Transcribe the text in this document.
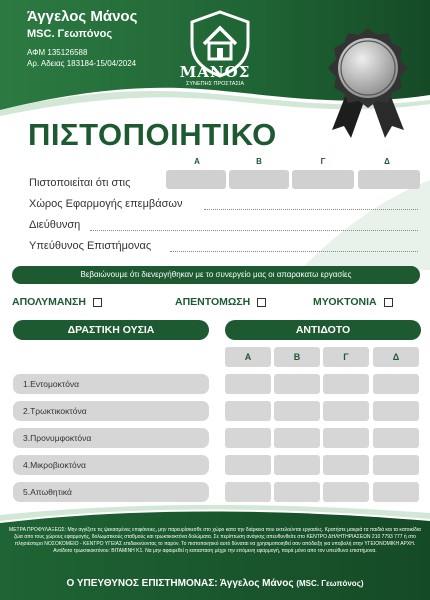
Άγγελος Μάνος
MSC. Γεωπόνος
ΑΦΜ 135126588
Αρ. Αδειας 183184-15/04/2024	ΜΑΝΟΣ
ΣΥΝΕΠΗΣ ΠΡΟΣΤΑΣΙΑ
ΠΙΣΤΟΠΟΙΗΤΙΚΟ
Α	Β	Γ	Δ
Πιστοποιείται ότι στις
Χώρος Εφαρμογής επεμβάσων
Διεύθυνση
Υπεύθυνος Επιστήμονας
Βεβαιώνουμε ότι διενεργήθηκαν με το συνεργείο μας οι απαρακατω εργασίες
ΑΠΟΛΥΜΑΝΣΗ	ΑΠΕΝΤΟΜΩΣΗ	ΜΥΟΚΤΟΝΙΑ
ΔΡΑΣΤΙΚΗ ΟΥΣΙΑ	ΑΝΤΙΔΟΤΟ
Α	Β	Γ	Δ
1.Εντομοκτόνα
2.Τρωκτικοκτόνα
3.Προνυμφοκτόνα
4.Μικροβιοκτόνα
5.Απωθητικά
ΜΕΤΡΑ ΠΡΟΦΥΛΑΞΕΩΣ: Μην αγγίζετε τις ψεκασμένες επιφάνειες, μην παρευρίσκεσθε στο χώρο κατα την διάρκεια που εκτελούνται εργασίες. Κρατήστε μακριά τα παιδιά και τα κατοικίδια ζώα απο τους χώρους εφαρμογής, δολωματικούς σταθμούς και τρωκτικοκτόνα δολώματα. Σε περίπτωση ανάγκης απευθυνθείτε στο ΚΕΝΤΡΟ ΔΗΛΗΤΗΡΙΑΣΕΩΝ 210 7793 777 ή στο πλησιέστερο ΝΟΣΟΚΟΜΕΙΟ - ΚΕΝΤΡΟ ΥΓΕΙΑΣ επιδεικνύοντας το παρόν. Το πιστοποιητικό αυτό δύναται να χρησιμοποιηθεί σαν απόδειξη για υποβολή στην ΥΓΕΙΟΝΟΜΙΚΗ ΑΡΧΗ. Αντίδοτο τρωκτικοκτόνου: BITAMINH K1. Να μην αφαιρεθεί η κατασταση μέχρι την επόμενη εφαρμογή, παρά μόνο απο τον υπεύθυνο επιστήμονα.
Ο ΥΠΕΥΘΥΝΟΣ ΕΠΙΣΤΗΜΟΝΑΣ: Άγγελος Μάνος (MSC. Γεωπόνος)
